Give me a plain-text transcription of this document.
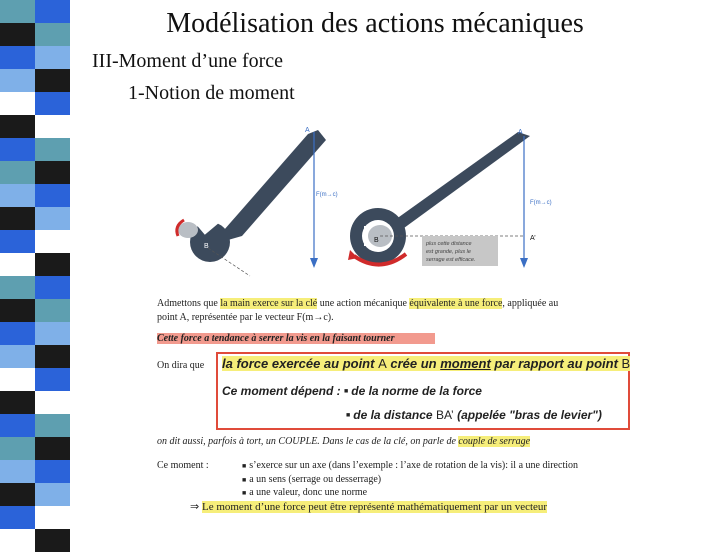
Modélisation des actions mécaniques
III-Moment d’une force
1-Notion de moment
A
F(m→c)
B
A
F(m→c)
B	A’
plus cette distance
est grande, plus le
serrage est efficace.
Admettons que la main exerce sur la clé une action mécanique équivalente à une force, appliquée au
point A, représentée par le vecteur F(m→c).
Cette force a tendance à serrer la vis en la faisant tourner
On dira que la force exercée au point A crée un moment par rapport au point B
Ce moment dépend : ■ de la norme de la force
■ de la distance BA’ (appelée "bras de levier")
on dit aussi, parfois à tort, un COUPLE. Dans le cas de la clé, on parle de couple de serrage
Ce moment :	■ s’exerce sur un axe (dans l’exemple : l’axe de rotation de la vis): il a une direction
■ a un sens (serrage ou desserrage)
■ a une valeur, donc une norme
⇒ Le moment d’une force peut être représenté mathématiquement par un vecteur
